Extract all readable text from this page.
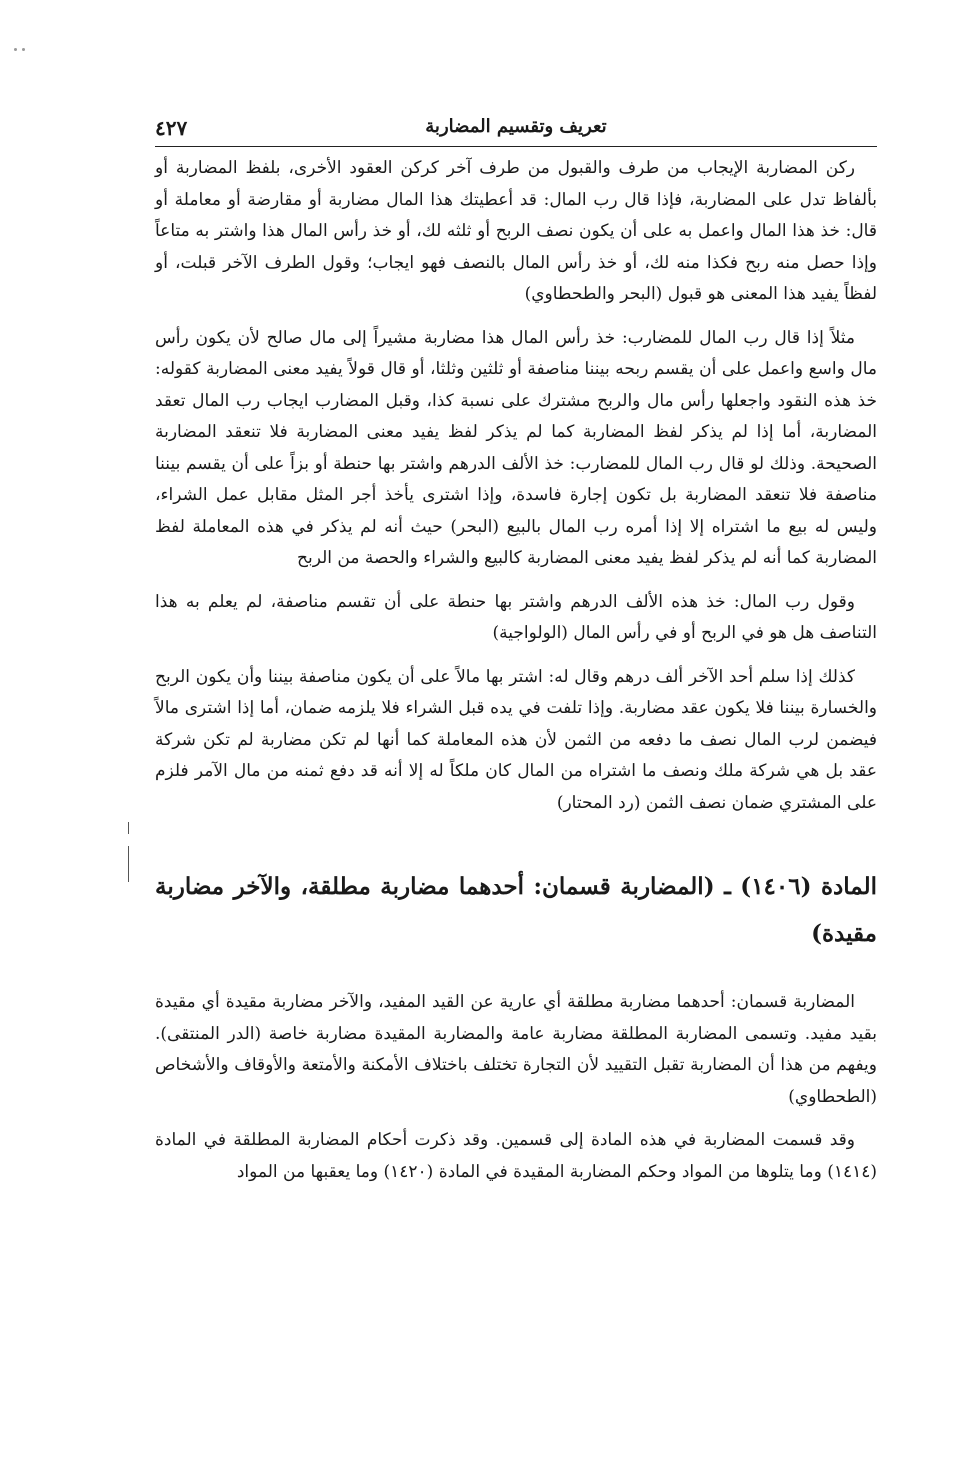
تعريف وتقسيم المضاربة
٤٢٧

ركن المضاربة الإيجاب من طرف والقبول من طرف آخر كركن العقود الأخرى، بلفظ المضاربة أو بألفاظ تدل على المضاربة، فإذا قال رب المال: قد أعطيتك هذا المال مضاربة أو مقارضة أو معاملة أو قال: خذ هذا المال واعمل به على أن يكون نصف الربح أو ثلثه لك، أو خذ رأس المال هذا واشتر به متاعاً وإذا حصل منه ربح فكذا منه لك، أو خذ رأس المال بالنصف فهو ايجاب؛ وقول الطرف الآخر قبلت، أو لفظاً يفيد هذا المعنى هو قبول (البحر والطحطاوي)

مثلاً إذا قال رب المال للمضارب: خذ رأس المال هذا مضاربة مشيراً إلى مال صالح لأن يكون رأس مال واسع واعمل على أن يقسم ربحه بيننا مناصفة أو ثلثين وثلثا، أو قال قولاً يفيد معنى المضاربة كقوله: خذ هذه النقود واجعلها رأس مال والربح مشترك على نسبة كذا، وقبل المضارب ايجاب رب المال تعقد المضاربة، أما إذا لم يذكر لفظ المضاربة كما لم يذكر لفظ يفيد معنى المضاربة فلا تنعقد المضاربة الصحيحة. وذلك لو قال رب المال للمضارب: خذ الألف الدرهم واشتر بها حنطة أو بزاً على أن يقسم بيننا مناصفة فلا تنعقد المضاربة بل تكون إجارة فاسدة، وإذا اشترى يأخذ أجر المثل مقابل عمل الشراء، وليس له بيع ما اشتراه إلا إذا أمره رب المال بالبيع (البحر) حيث أنه لم يذكر في هذه المعاملة لفظ المضاربة كما أنه لم يذكر لفظ يفيد معنى المضاربة كالبيع والشراء والحصة من الربح

وقول رب المال: خذ هذه الألف الدرهم واشتر بها حنطة على أن تقسم مناصفة، لم يعلم به هذا التناصف هل هو في الربح أو في رأس المال (الولواجية)

كذلك إذا سلم أحد الآخر ألف درهم وقال له: اشتر بها مالاً على أن يكون مناصفة بيننا وأن يكون الربح والخسارة بيننا فلا يكون عقد مضاربة. وإذا تلفت في يده قبل الشراء فلا يلزمه ضمان، أما إذا اشترى مالاً فيضمن لرب المال نصف ما دفعه من الثمن لأن هذه المعاملة كما أنها لم تكن مضاربة لم تكن شركة عقد بل هي شركة ملك ونصف ما اشتراه من المال كان ملكاً له إلا أنه قد دفع ثمنه من مال الآمر فلزم على المشتري ضمان نصف الثمن (رد المحتار)

المادة (١٤٠٦) ـ (المضاربة قسمان: أحدهما مضاربة مطلقة، والآخر مضاربة مقيدة)

المضاربة قسمان: أحدهما مضاربة مطلقة أي عارية عن القيد المفيد، والآخر مضاربة مقيدة أي مقيدة بقيد مفيد. وتسمى المضاربة المطلقة مضاربة عامة والمضاربة المقيدة مضاربة خاصة (الدر المنتقى). ويفهم من هذا أن المضاربة تقبل التقييد لأن التجارة تختلف باختلاف الأمكنة والأمتعة والأوقاف والأشخاص (الطحطاوي)

وقد قسمت المضاربة في هذه المادة إلى قسمين. وقد ذكرت أحكام المضاربة المطلقة في المادة (١٤١٤) وما يتلوها من المواد وحكم المضاربة المقيدة في المادة (١٤٢٠) وما يعقبها من المواد
